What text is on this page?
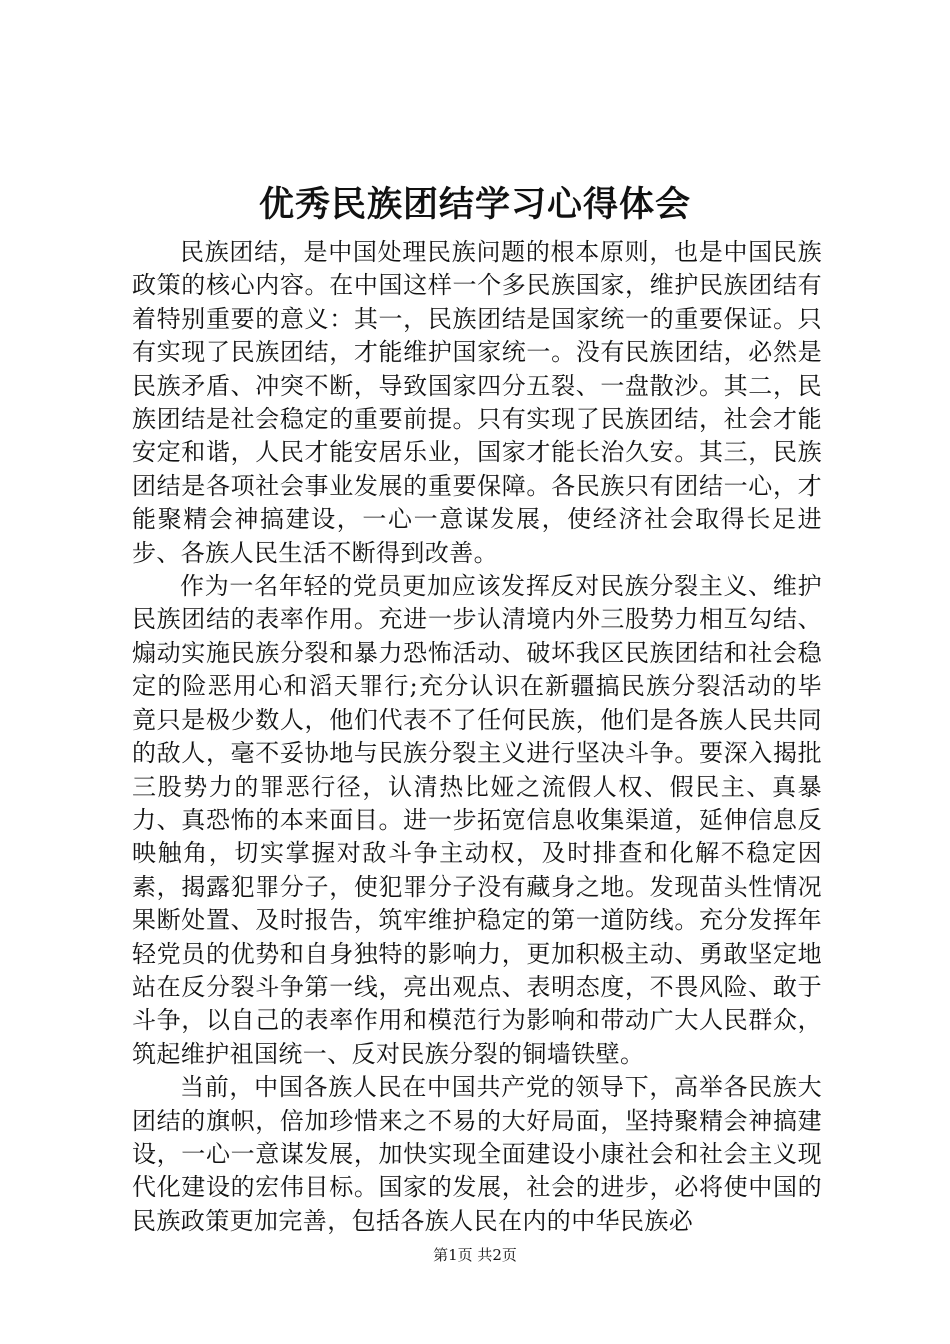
优秀民族团结学习心得体会

民族团结，是中国处理民族问题的根本原则，也是中国民族政策的核心内容。在中国这样一个多民族国家，维护民族团结有着特别重要的意义：其一，民族团结是国家统一的重要保证。只有实现了民族团结，才能维护国家统一。没有民族团结，必然是民族矛盾、冲突不断，导致国家四分五裂、一盘散沙。其二，民族团结是社会稳定的重要前提。只有实现了民族团结，社会才能安定和谐，人民才能安居乐业，国家才能长治久安。其三，民族团结是各项社会事业发展的重要保障。各民族只有团结一心，才能聚精会神搞建设，一心一意谋发展，使经济社会取得长足进步、各族人民生活不断得到改善。

作为一名年轻的党员更加应该发挥反对民族分裂主义、维护民族团结的表率作用。充进一步认清境内外三股势力相互勾结、煽动实施民族分裂和暴力恐怖活动、破坏我区民族团结和社会稳定的险恶用心和滔天罪行;充分认识在新疆搞民族分裂活动的毕竟只是极少数人，他们代表不了任何民族，他们是各族人民共同的敌人，毫不妥协地与民族分裂主义进行坚决斗争。要深入揭批三股势力的罪恶行径，认清热比娅之流假人权、假民主、真暴力、真恐怖的本来面目。进一步拓宽信息收集渠道，延伸信息反映触角，切实掌握对敌斗争主动权，及时排查和化解不稳定因素，揭露犯罪分子，使犯罪分子没有藏身之地。发现苗头性情况果断处置、及时报告，筑牢维护稳定的第一道防线。充分发挥年轻党员的优势和自身独特的影响力，更加积极主动、勇敢坚定地站在反分裂斗争第一线，亮出观点、表明态度，不畏风险、敢于斗争，以自己的表率作用和模范行为影响和带动广大人民群众，筑起维护祖国统一、反对民族分裂的铜墙铁壁。

当前，中国各族人民在中国共产党的领导下，高举各民族大团结的旗帜，倍加珍惜来之不易的大好局面，坚持聚精会神搞建设，一心一意谋发展，加快实现全面建设小康社会和社会主义现代化建设的宏伟目标。国家的发展，社会的进步，必将使中国的民族政策更加完善，包括各族人民在内的中华民族必

第1页 共2页
